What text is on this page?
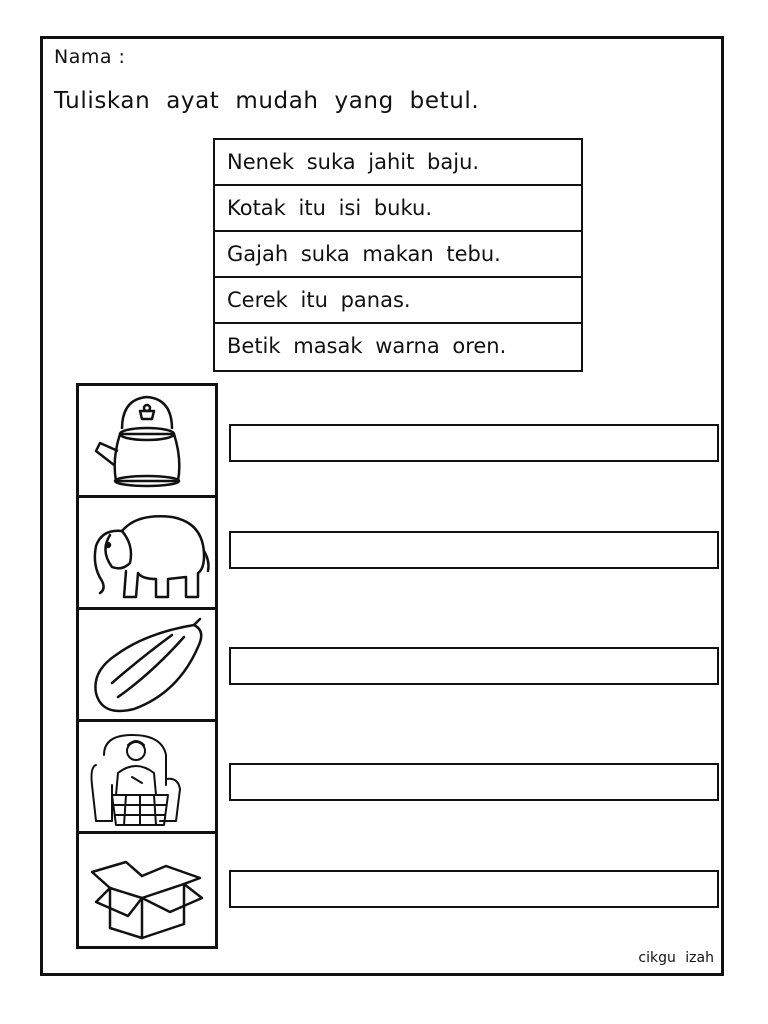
Nama :
Tuliskan ayat mudah yang betul.
Nenek suka jahit baju.
Kotak itu isi buku.
Gajah suka makan tebu.
Cerek itu panas.
Betik masak warna oren.
cikgu izah
